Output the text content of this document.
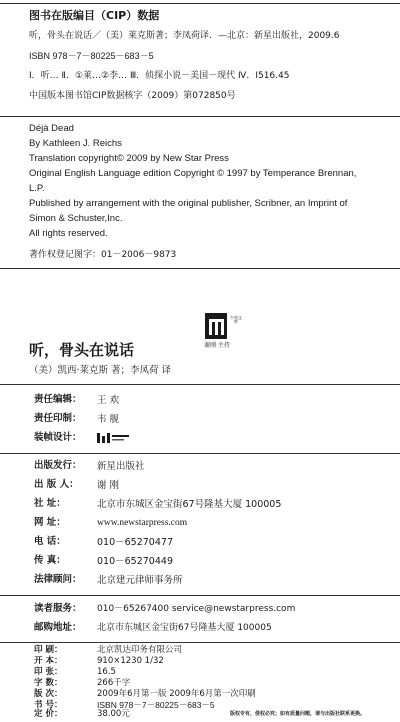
图书在版编目（CIP）数据
听，骨头在说话／（美）莱克斯著；李凤荷译．—北京：新星出版社，2009.6
ISBN 978－7－80225－683－5
Ⅰ．听… Ⅱ．①莱…②李… Ⅲ．侦探小说－美国－现代 Ⅳ．I516.45
中国版本图书馆CIP数据核字（2009）第072850号
Déjà Dead
By Kathleen J. Reichs
Translation copyright© 2009 by New Star Press
Original English Language edition Copyright © 1997 by Temperance Brennan,
L.P.
Published by arrangement with the original publisher, Scribner, an Imprint of
Simon & Schuster,Inc.
All rights reserved.
著作权登记图字：01－2006－9873
午夜文库
谢刚 主持
听，骨头在说话
（美）凯西·莱克斯 著；李凤荷 译
责任编辑： 王 欢
责任印制： 韦 舰
装帧设计：
出版发行： 新星出版社
出 版 人： 谢 刚
社 址：	北京市东城区金宝街67号隆基大厦 100005
网 址：	www.newstarpress.com
电 话：	010－65270477
传 真：	010－65270449
法律顾问： 北京建元律师事务所
读者服务： 010－65267400 service@newstarpress.com
邮购地址： 北京市东城区金宝街67号隆基大厦 100005
印 刷：	北京凯达印务有限公司
开 本：	910×1230 1/32
印 张：	16.5
字 数：	266千字
版 次：	2009年6月第一版 2009年6月第一次印刷
书 号：	ISBN 978－7－80225－683－5
定 价：	38.00元	版权专有，侵权必究；如有质量问题，请与出版社联系更换。
